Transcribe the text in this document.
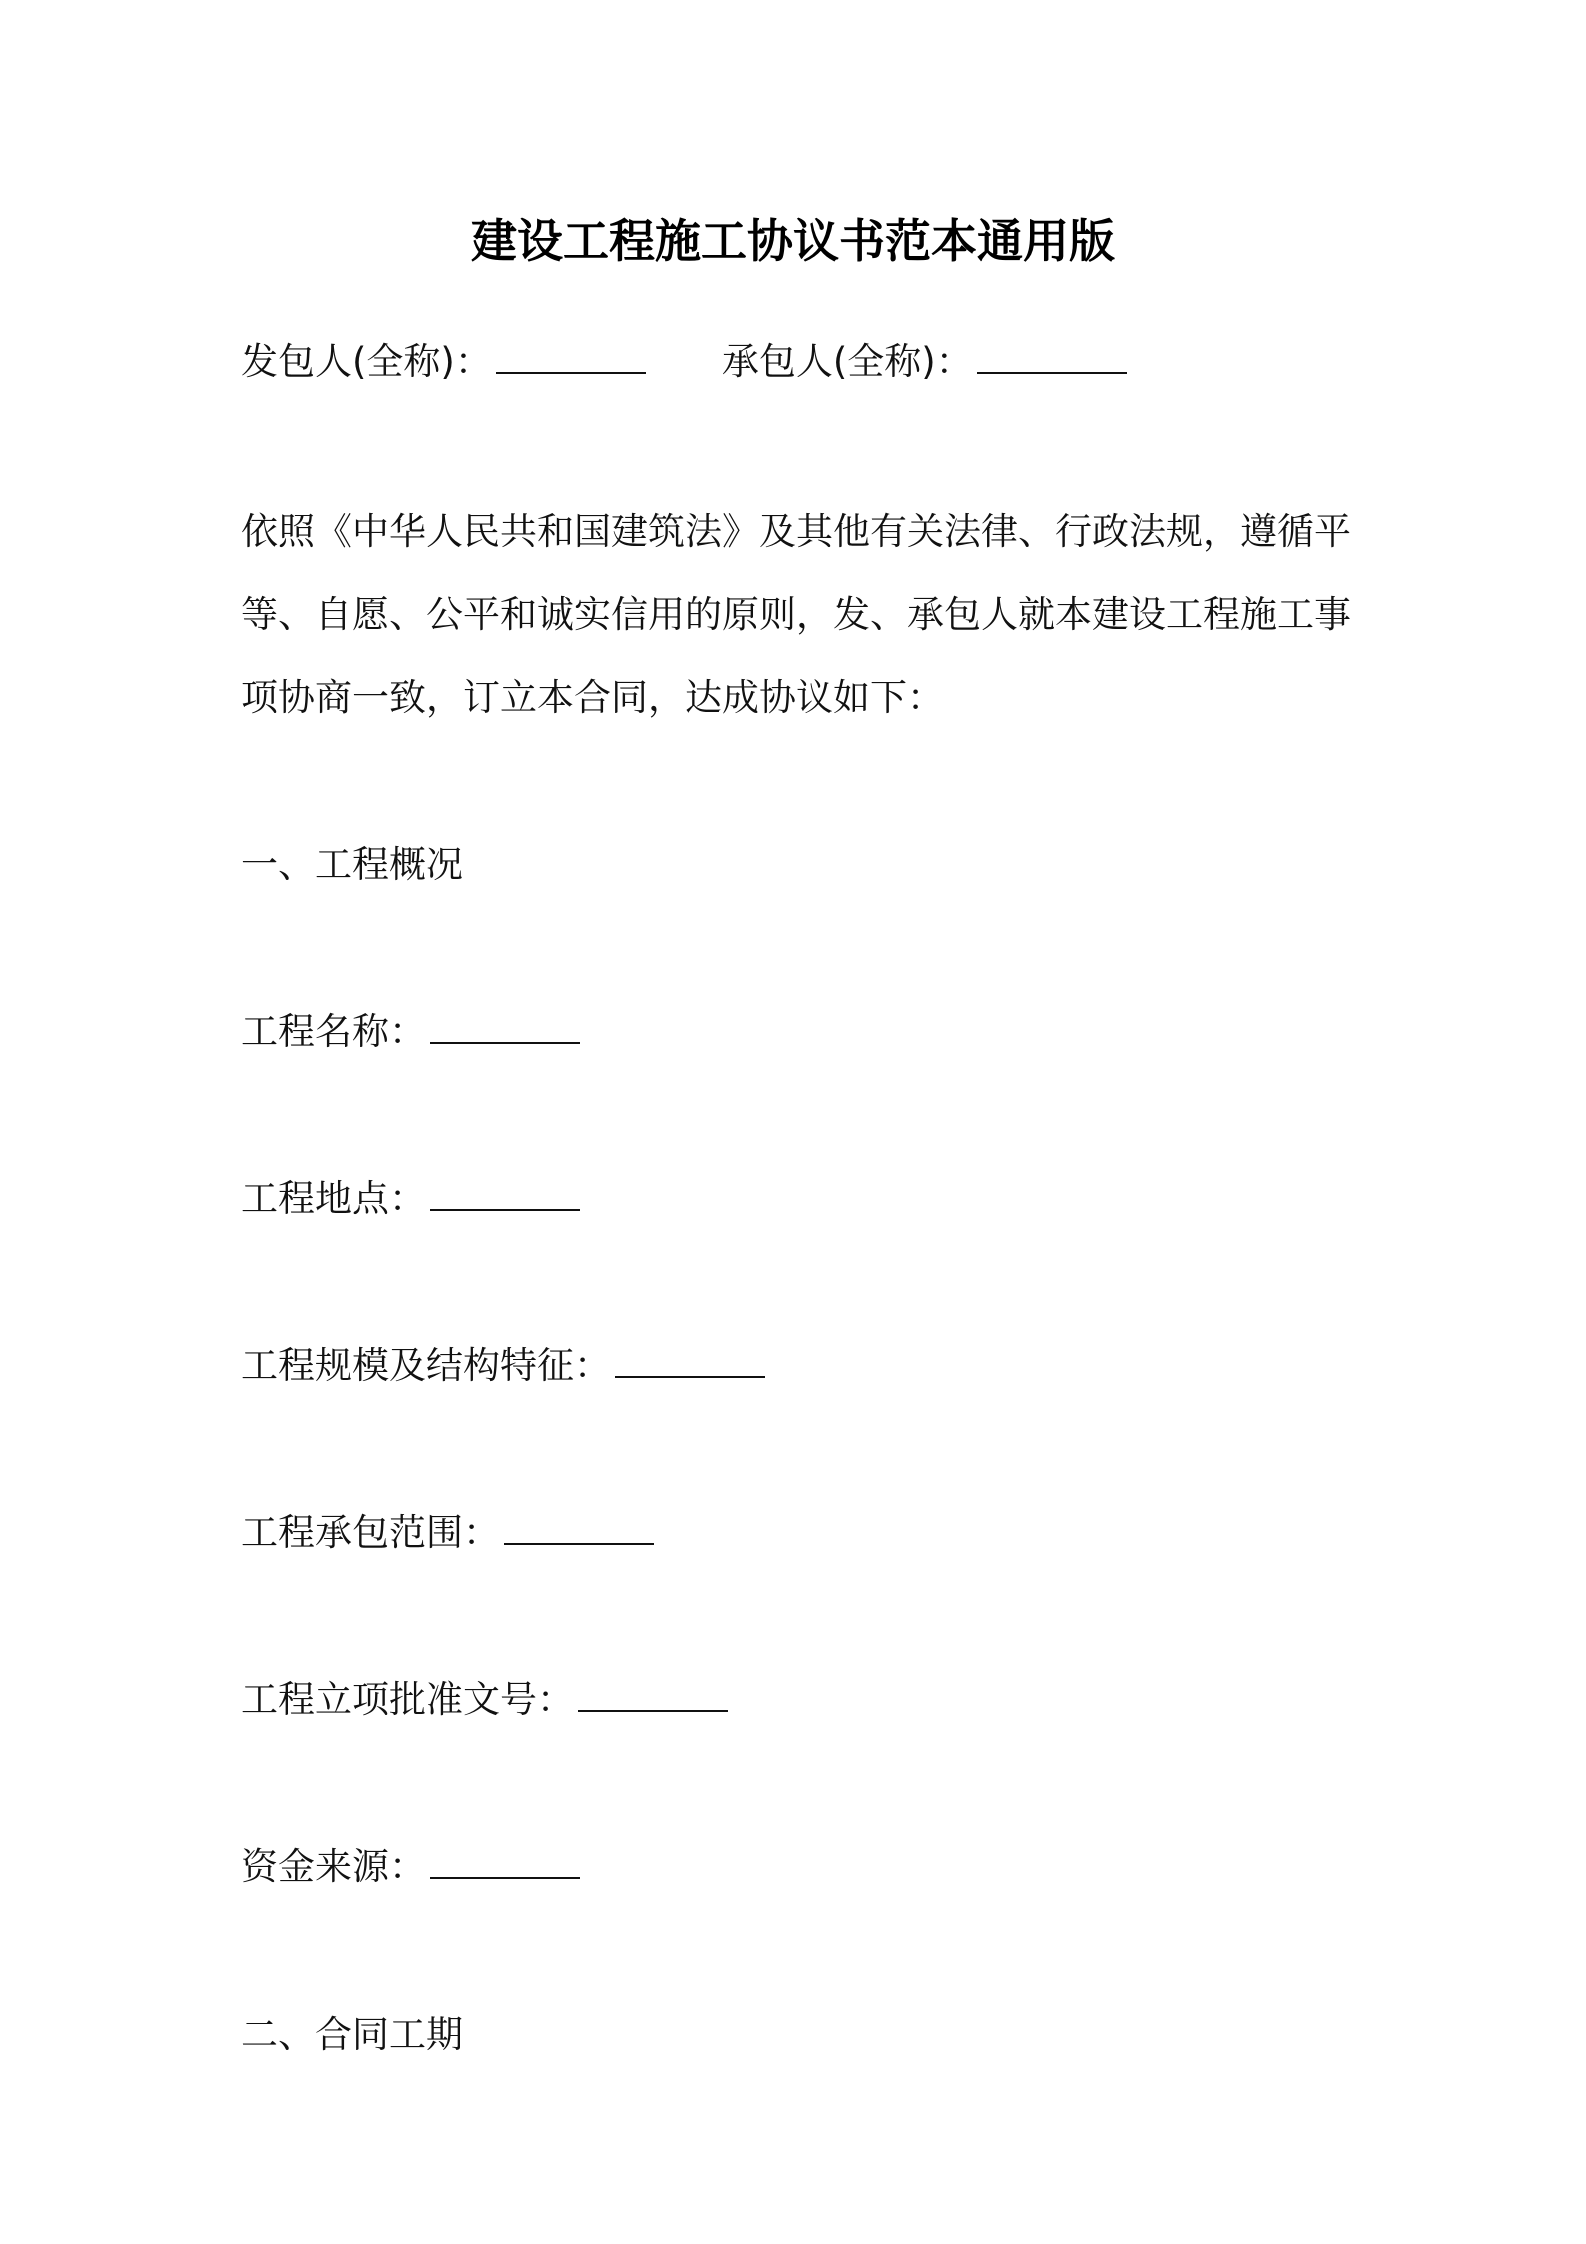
建设工程施工协议书范本通用版
发包人(全称)：	承包人(全称)：
依照《中华人民共和国建筑法》及其他有关法律、行政法规，遵循平
等、自愿、公平和诚实信用的原则，发、承包人就本建设工程施工事
项协商一致，订立本合同，达成协议如下：
一、工程概况
工程名称：
工程地点：
工程规模及结构特征：
工程承包范围：
工程立项批准文号：
资金来源：
二、合同工期
